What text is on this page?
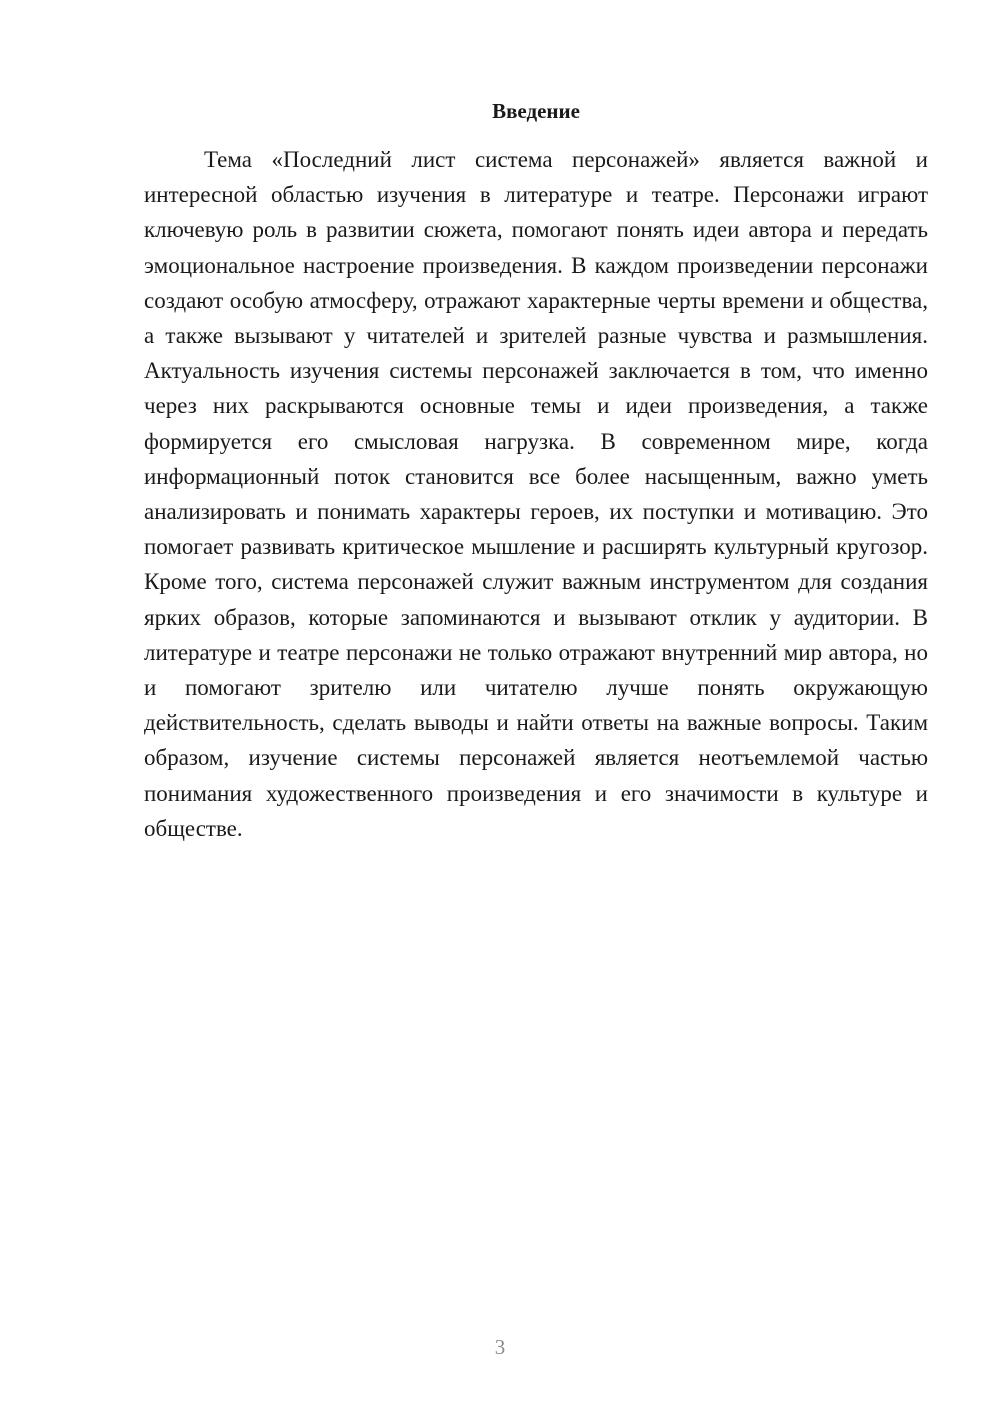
Введение

Тема «Последний лист система персонажей» является важной и интересной областью изучения в литературе и театре. Персонажи играют ключевую роль в развитии сюжета, помогают понять идеи автора и передать эмоциональное настроение произведения. В каждом произведении персонажи создают особую атмосферу, отражают характерные черты времени и общества, а также вызывают у читателей и зрителей разные чувства и размышления. Актуальность изучения системы персонажей заключается в том, что именно через них раскрываются основные темы и идеи произведения, а также формируется его смысловая нагрузка. В современном мире, когда информационный поток становится все более насыщенным, важно уметь анализировать и понимать характеры героев, их поступки и мотивацию. Это помогает развивать критическое мышление и расширять культурный кругозор. Кроме того, система персонажей служит важным инструментом для создания ярких образов, которые запоминаются и вызывают отклик у аудитории. В литературе и театре персонажи не только отражают внутренний мир автора, но и помогают зрителю или читателю лучше понять окружающую действительность, сделать выводы и найти ответы на важные вопросы. Таким образом, изучение системы персонажей является неотъемлемой частью понимания художественного произведения и его значимости в культуре и обществе.

3
